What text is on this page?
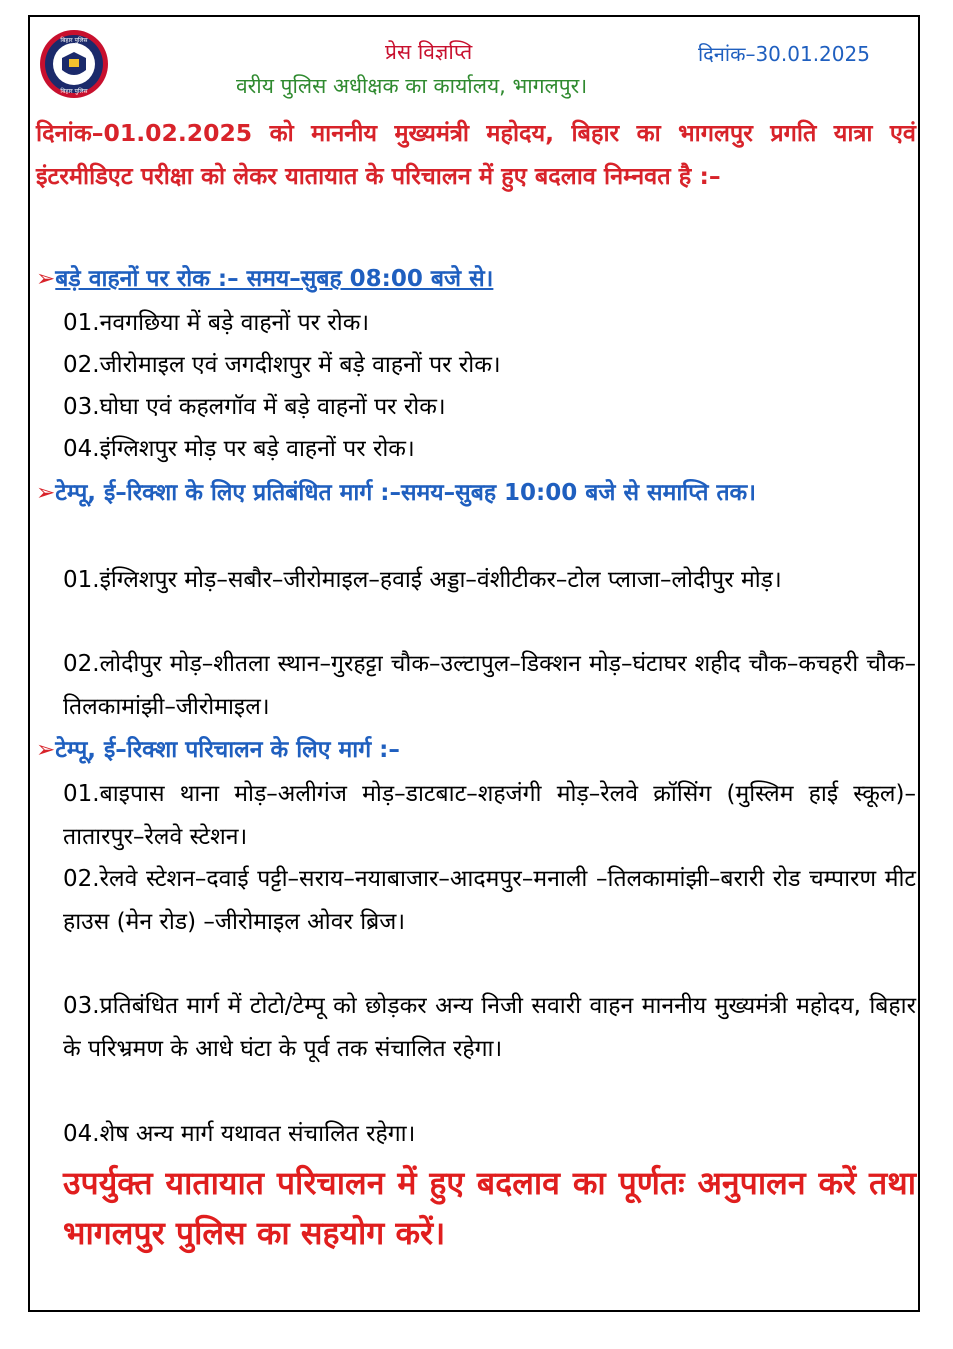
बिहार पुलिस
बिहार पुलिस
प्रेस विज्ञप्ति	दिनांक–30.01.2025
वरीय पुलिस अधीक्षक का कार्यालय, भागलपुर।
दिनांक–01.02.2025 को माननीय मुख्यमंत्री महोदय, बिहार का भागलपुर प्रगति यात्रा एवं इंटरमीडिएट परीक्षा को लेकर यातायात के परिचालन में हुए बदलाव निम्नवत है :–
➢बड़े वाहनों पर रोक :– समय–सुबह 08:00 बजे से।
01.नवगछिया में बड़े वाहनों पर रोक।
02.जीरोमाइल एवं जगदीशपुर में बड़े वाहनों पर रोक।
03.घोघा एवं कहलगॉव में बड़े वाहनों पर रोक।
04.इंग्लिशपुर मोड़ पर बड़े वाहनों पर रोक।
➢टेम्पू, ई–रिक्शा के लिए प्रतिबंधित मार्ग :–समय–सुबह 10:00 बजे से समाप्ति तक।
01.इंग्लिशपुर मोड़–सबौर–जीरोमाइल–हवाई अड्डा–वंशीटीकर–टोल प्लाजा–लोदीपुर मोड़।
02.लोदीपुर मोड़–शीतला स्थान–गुरहट्टा चौक–उल्टापुल–डिक्शन मोड़–घंटाघर शहीद चौक–कचहरी चौक–तिलकामांझी–जीरोमाइल।
➢टेम्पू, ई–रिक्शा परिचालन के लिए मार्ग :–
01.बाइपास थाना मोड़–अलीगंज मोड़–डाटबाट–शहजंगी मोड़–रेलवे क्रॉसिंग (मुस्लिम हाई स्कूल)–तातारपुर–रेलवे स्टेशन।
02.रेलवे स्टेशन–दवाई पट्टी–सराय–नयाबाजार–आदमपुर–मनाली –तिलकामांझी–बरारी रोड चम्पारण मीट हाउस (मेन रोड) –जीरोमाइल ओवर ब्रिज।
03.प्रतिबंधित मार्ग में टोटो/टेम्पू को छोड़कर अन्य निजी सवारी वाहन माननीय मुख्यमंत्री महोदय, बिहार के परिभ्रमण के आधे घंटा के पूर्व तक संचालित रहेगा।
04.शेष अन्य मार्ग यथावत संचालित रहेगा।
उपर्युक्त यातायात परिचालन में हुए बदलाव का पूर्णतः अनुपालन करें तथा भागलपुर पुलिस का सहयोग करें।
